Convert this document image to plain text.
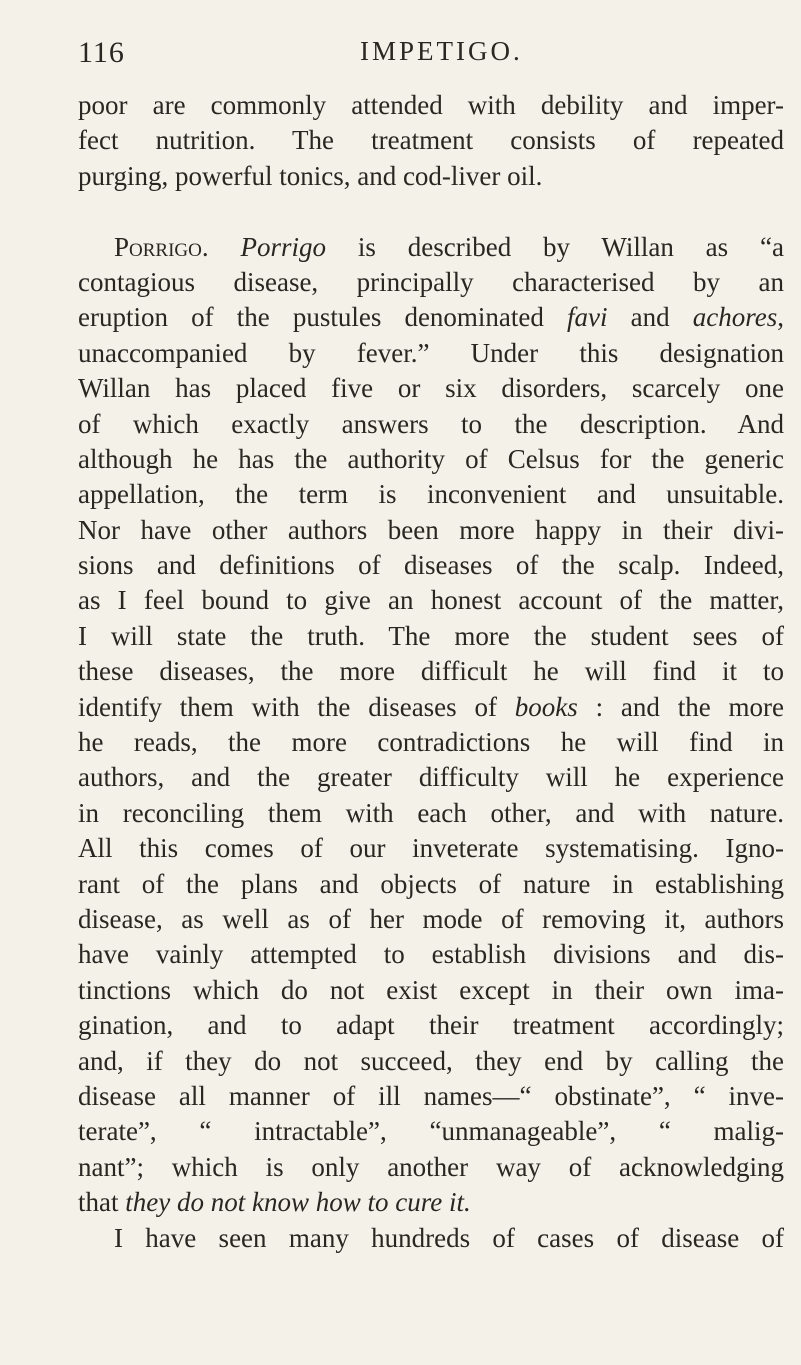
116	IMPETIGO.
poor are commonly attended with debility and imper-
fect nutrition. The treatment consists of repeated
purging, powerful tonics, and cod-liver oil.
Porrigo. Porrigo is described by Willan as “a
contagious disease, principally characterised by an
eruption of the pustules denominated favi and achores,
unaccompanied by fever.” Under this designation
Willan has placed five or six disorders, scarcely one
of which exactly answers to the description. And
although he has the authority of Celsus for the generic
appellation, the term is inconvenient and unsuitable.
Nor have other authors been more happy in their divi-
sions and definitions of diseases of the scalp. Indeed,
as I feel bound to give an honest account of the matter,
I will state the truth. The more the student sees of
these diseases, the more difficult he will find it to
identify them with the diseases of books : and the more
he reads, the more contradictions he will find in
authors, and the greater difficulty will he experience
in reconciling them with each other, and with nature.
All this comes of our inveterate systematising. Igno-
rant of the plans and objects of nature in establishing
disease, as well as of her mode of removing it, authors
have vainly attempted to establish divisions and dis-
tinctions which do not exist except in their own ima-
gination, and to adapt their treatment accordingly;
and, if they do not succeed, they end by calling the
disease all manner of ill names—“ obstinate”, “ inve-
terate”, “ intractable”, “unmanageable”, “ malig-
nant”; which is only another way of acknowledging
that they do not know how to cure it.
I have seen many hundreds of cases of disease of
